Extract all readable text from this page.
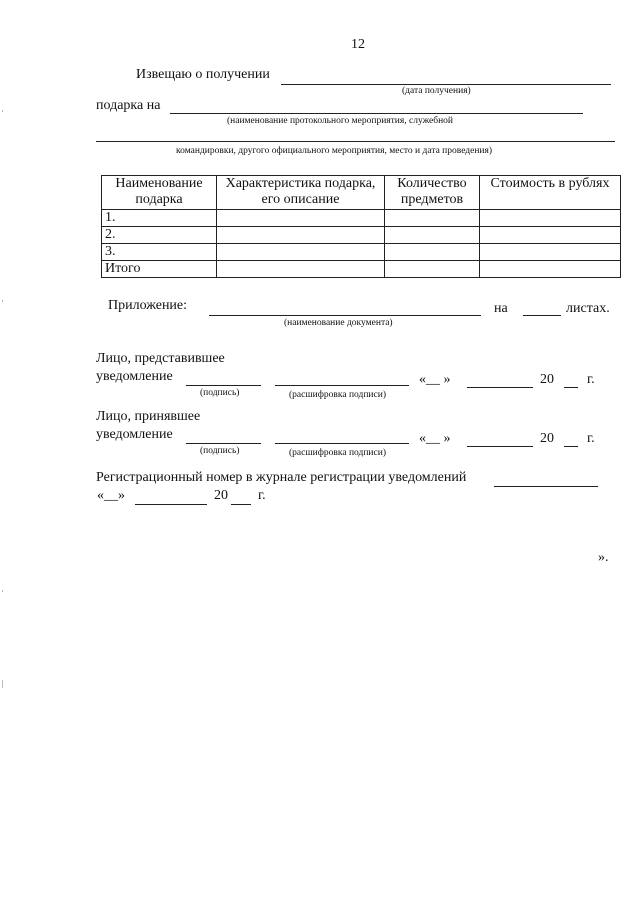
12
Извещаю о получении
(дата получения)
подарка на
(наименование протокольного мероприятия, служебной
командировки, другого официального мероприятия, место и дата проведения)
Наименование подарка	Характеристика подарка, его описание	Количество предметов	Стоимость в рублях
1.			
2.			
3.			
Итого			
Приложение:	на	листах.
(наименование документа)
Лицо, представившее
уведомление	«__ »	20 г.
(подпись)	(расшифровка подписи)
Лицо, принявшее
уведомление	«__ »	20 г.
(подпись)	(расшифровка подписи)
Регистрационный номер в журнале регистрации уведомлений
«__»	20 г.
».
